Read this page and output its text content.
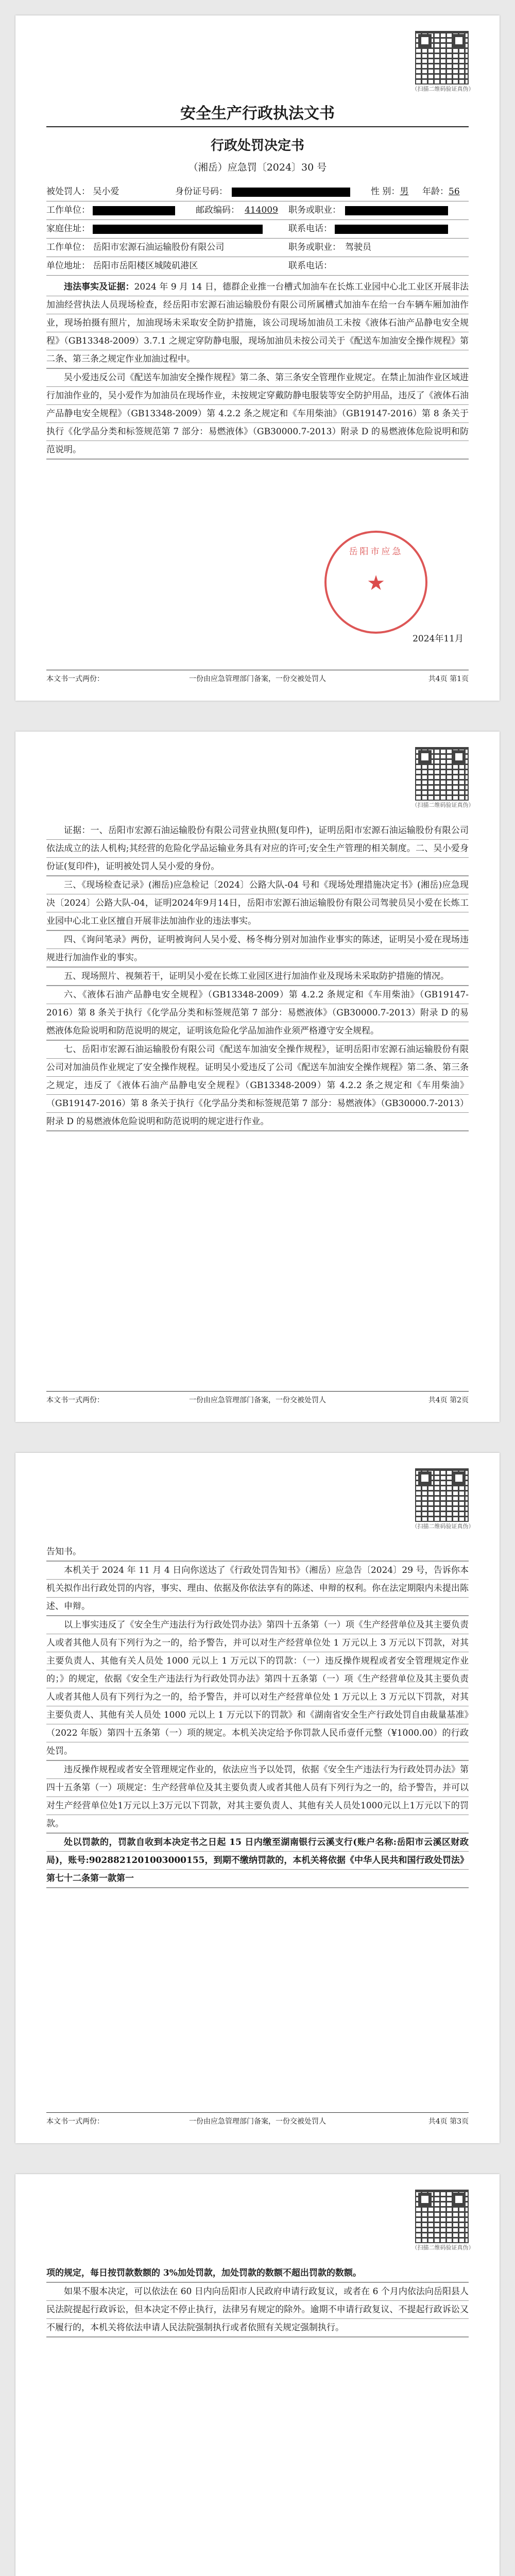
（扫描二维码验证真伪）
安全生产行政执法文书
行政处罚决定书
（湘岳）应急罚〔2024〕30 号
被处罚人： 吴小爱	身份证号码：	性 别：男 年龄：56
工作单位：	邮政编码： 414009 职务或职业：
家庭住址：	联系电话：
工作单位： 岳阳市宏源石油运输股份有限公司	职务或职业： 驾驶员
单位地址： 岳阳市岳阳楼区城陵矶港区	联系电话：

违法事实及证据：2024 年 9 月 14 日，德群企业推一台槽式加油车在长炼工业园中心北工业区开展非法加油经营执法人员现场检查，经岳阳市宏源石油运输股份有限公司所属槽式加油车在给一台车辆车厢加油作业，现场拍摄有照片，加油现场未采取安全防护措施，该公司现场加油员工未按《液体石油产品静电安全规程》（GB13348-2009）3.7.1 之规定穿防静电服，现场加油员未按公司关于《配送车加油安全操作规程》第二条、第三条之规定作业加油过程中。

吴小爱违反公司《配送车加油安全操作规程》第二条、第三条安全管理作业规定。在禁止加油作业区域进行加油作业的，吴小爱作为加油员在现场作业，未按规定穿戴防静电服装等安全防护用品，违反了《液体石油产品静电安全规程》（GB13348-2009）第 4.2.2 条之规定和《车用柴油》（GB19147-2016）第 8 条关于执行《化学品分类和标签规范第 7 部分：易燃液体》（GB30000.7-2013）附录 D 的易燃液体危险说明和防范说明。

岳阳市应急
★
2024年11月
本文书一式两份：	一份由应急管理部门备案，一份交被处罚人	共4页 第1页
（扫描二维码验证真伪）

证据：一、岳阳市宏源石油运输股份有限公司营业执照(复印件)，证明岳阳市宏源石油运输股份有限公司依法成立的法人机构;其经营的危险化学品运输业务具有对应的许可;安全生产管理的相关制度。二、吴小爱身份证(复印件)，证明被处罚人吴小爱的身份。

三、《现场检查记录》(湘岳)应急检记〔2024〕公路大队-04 号和《现场处理措施决定书》(湘岳)应急现决〔2024〕公路大队-04，证明2024年9月14日，岳阳市宏源石油运输股份有限公司驾驶员吴小爱在长炼工业园中心北工业区擅自开展非法加油作业的违法事实。

四、《询问笔录》两份，证明被询问人吴小爱、杨冬梅分别对加油作业事实的陈述，证明吴小爱在现场违规进行加油作业的事实。

五、现场照片、视频若干，证明吴小爱在长炼工业园区进行加油作业及现场未采取防护措施的情况。

六、《液体石油产品静电安全规程》（GB13348-2009）第 4.2.2 条规定和《车用柴油》（GB19147-2016）第 8 条关于执行《化学品分类和标签规范第 7 部分：易燃液体》（GB30000.7-2013）附录 D 的易燃液体危险说明和防范说明的规定，证明该危险化学品加油作业须严格遵守安全规程。

七、岳阳市宏源石油运输股份有限公司《配送车加油安全操作规程》，证明岳阳市宏源石油运输股份有限公司对加油员作业规定了安全操作规程。证明吴小爱违反了公司《配送车加油安全操作规程》第二条、第三条之规定，违反了《液体石油产品静电安全规程》（GB13348-2009）第 4.2.2 条之规定和《车用柴油》（GB19147-2016）第 8 条关于执行《化学品分类和标签规范第 7 部分：易燃液体》（GB30000.7-2013）附录 D 的易燃液体危险说明和防范说明的规定进行作业。

本文书一式两份：	一份由应急管理部门备案，一份交被处罚人	共4页 第2页
（扫描二维码验证真伪）

告知书。

本机关于 2024 年 11 月 4 日向你送达了《行政处罚告知书》（湘岳）应急告〔2024〕29 号，告诉你本机关拟作出行政处罚的内容，事实、理由、依据及你依法享有的陈述、申辩的权利。你在法定期限内未提出陈述、申辩。

以上事实违反了《安全生产违法行为行政处罚办法》第四十五条第（一）项《生产经营单位及其主要负责人或者其他人员有下列行为之一的，给予警告，并可以对生产经营单位处 1 万元以上 3 万元以下罚款，对其主要负责人、其他有关人员处 1000 元以上 1 万元以下的罚款：（一）违反操作规程或者安全管理规定作业的；》的规定，依据《安全生产违法行为行政处罚办法》第四十五条第（一）项《生产经营单位及其主要负责人或者其他人员有下列行为之一的，给予警告，并可以对生产经营单位处 1 万元以上 3 万元以下罚款，对其主要负责人、其他有关人员处 1000 元以上 1 万元以下的罚款》和《湖南省安全生产行政处罚自由裁量基准》（2022 年版）第四十五条第（一）项的规定。本机关决定给予你罚款人民币壹仟元整（¥1000.00）的行政处罚。

违反操作规程或者安全管理规定作业的，依法应当予以处罚，依据《安全生产违法行为行政处罚办法》第四十五条第（一）项规定：生产经营单位及其主要负责人或者其他人员有下列行为之一的，给予警告，并可以对生产经营单位处1万元以上3万元以下罚款，对其主要负责人、其他有关人员处1000元以上1万元以下的罚款。

处以罚款的，罚款自收到本决定书之日起 15 日内缴至湖南银行云溪支行(账户名称:岳阳市云溪区财政局)，账号:9028821201003000155，到期不缴纳罚款的，本机关将依据《中华人民共和国行政处罚法》第七十二条第一款第一

本文书一式两份：	一份由应急管理部门备案，一份交被处罚人	共4页 第3页
（扫描二维码验证真伪）

项的规定，每日按罚款数额的 3%加处罚款，加处罚款的数额不超出罚款的数额。

如果不服本决定，可以依法在 60 日内向岳阳市人民政府申请行政复议，或者在 6 个月内依法向岳阳县人民法院提起行政诉讼，但本决定不停止执行，法律另有规定的除外。逾期不申请行政复议、不提起行政诉讼又不履行的，本机关将依法申请人民法院强制执行或者依照有关规定强制执行。
